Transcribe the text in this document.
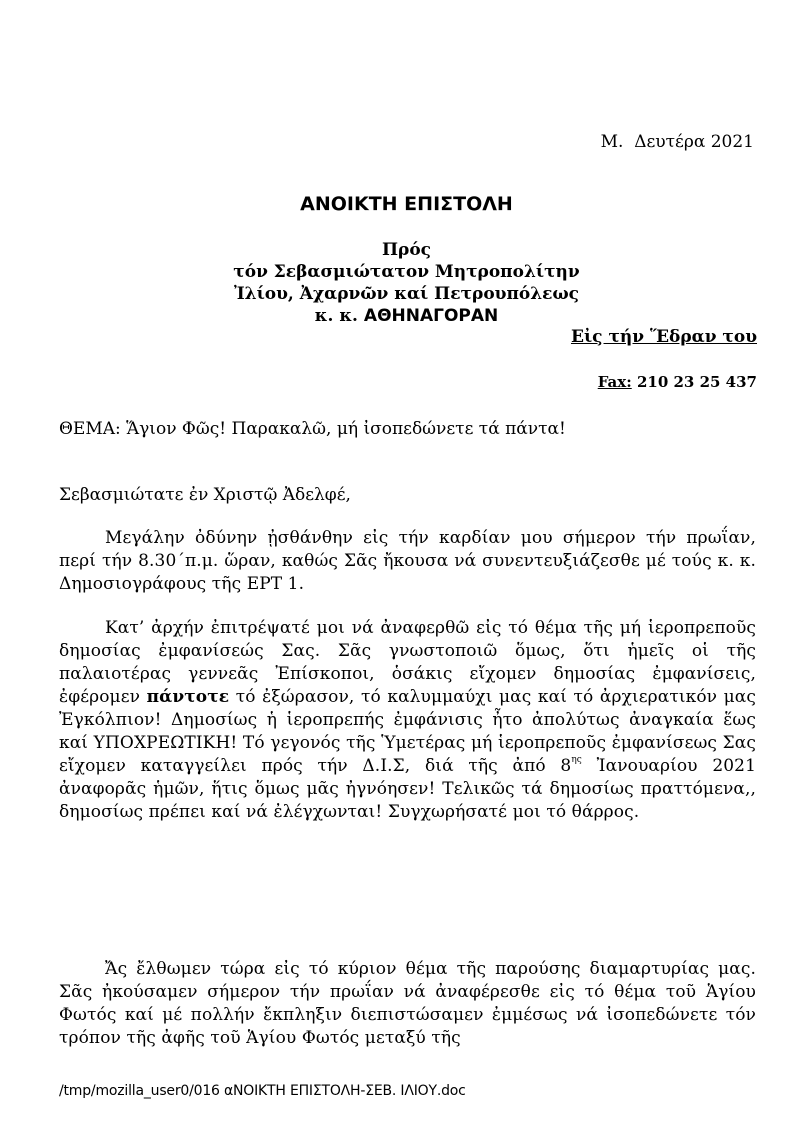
Μ.  Δευτέρα 2021
ΑΝΟΙΚΤΗ ΕΠΙΣΤΟΛΗ
Πρός
τόν Σεβασμιώτατον Μητροπολίτην
Ἰλίου, Ἀχαρνῶν καί Πετρουπόλεως
κ. κ. ΑΘΗΝΑΓΟΡΑΝ
Εἰς τήν Ἕδραν του
Fax: 210 23 25 437
ΘΕΜΑ: Ἅγιον Φῶς! Παρακαλῶ, μή ἰσοπεδώνετε τά πάντα!
Σεβασμιώτατε ἐν Χριστῷ Ἀδελφέ,
Μεγάλην ὀδύνην ᾐσθάνθην εἰς τήν καρδίαν μου σήμερον τήν πρωΐαν, περί τήν 8.30΄π.μ. ὥραν, καθώς Σᾶς ἤκουσα νά συνεντευξιάζεσθε μέ τούς κ. κ. Δημοσιογράφους τῆς ΕΡΤ 1.
Κατ’ ἀρχήν ἐπιτρέψατέ μοι νά ἀναφερθῶ εἰς τό θέμα τῆς μή ἱεροπρεποῦς δημοσίας ἐμφανίσεώς Σας. Σᾶς γνωστοποιῶ ὅμως, ὅτι ἡμεῖς οἱ τῆς παλαιοτέρας γεννεᾶς Ἐπίσκοποι, ὁσάκις εἴχομεν δημοσίας ἐμφανίσεις, ἐφέρομεν πάντοτε τό ἐξώρασον, τό καλυμμαύχι μας καί τό ἀρχιερατικόν μας Ἐγκόλπιον! Δημοσίως ἡ ἱεροπρεπής ἐμφάνισις ἦτο ἀπολύτως ἀναγκαία ἕως καί ΥΠΟΧΡΕΩΤΙΚΗ! Τό γεγονός τῆς Ὑμετέρας μή ἱεροπρεποῦς ἐμφανίσεως Σας εἴχομεν καταγγείλει πρός τήν Δ.Ι.Σ, διά τῆς ἀπό $8^{\eta\varsigma}$ Ἰανουαρίου 2021 ἀναφορᾶς ἡμῶν, ἥτις ὅμως μᾶς ἠγνόησεν! Τελικῶς τά δημοσίως πραττόμενα,, δημοσίως πρέπει καί νά ἐλέγχωνται! Συγχωρήσατέ μοι τό θάρρος.
Ἄς ἔλθωμεν τώρα εἰς τό κύριον θέμα τῆς παρούσης διαμαρτυρίας μας. Σᾶς ἠκούσαμεν σήμερον τήν πρωΐαν νά ἀναφέρεσθε εἰς τό θέμα τοῦ Ἁγίου Φωτός καί μέ πολλήν ἔκπληξιν διεπιστώσαμεν ἐμμέσως νά ἰσοπεδώνετε τόν τρόπον τῆς ἀφῆς τοῦ Ἁγίου Φωτός μεταξύ τῆς
/tmp/mozilla_user0/016 αΝΟΙΚΤΗ ΕΠΙΣΤΟΛΗ-ΣΕΒ. ΙΛΙΟΥ.doc
